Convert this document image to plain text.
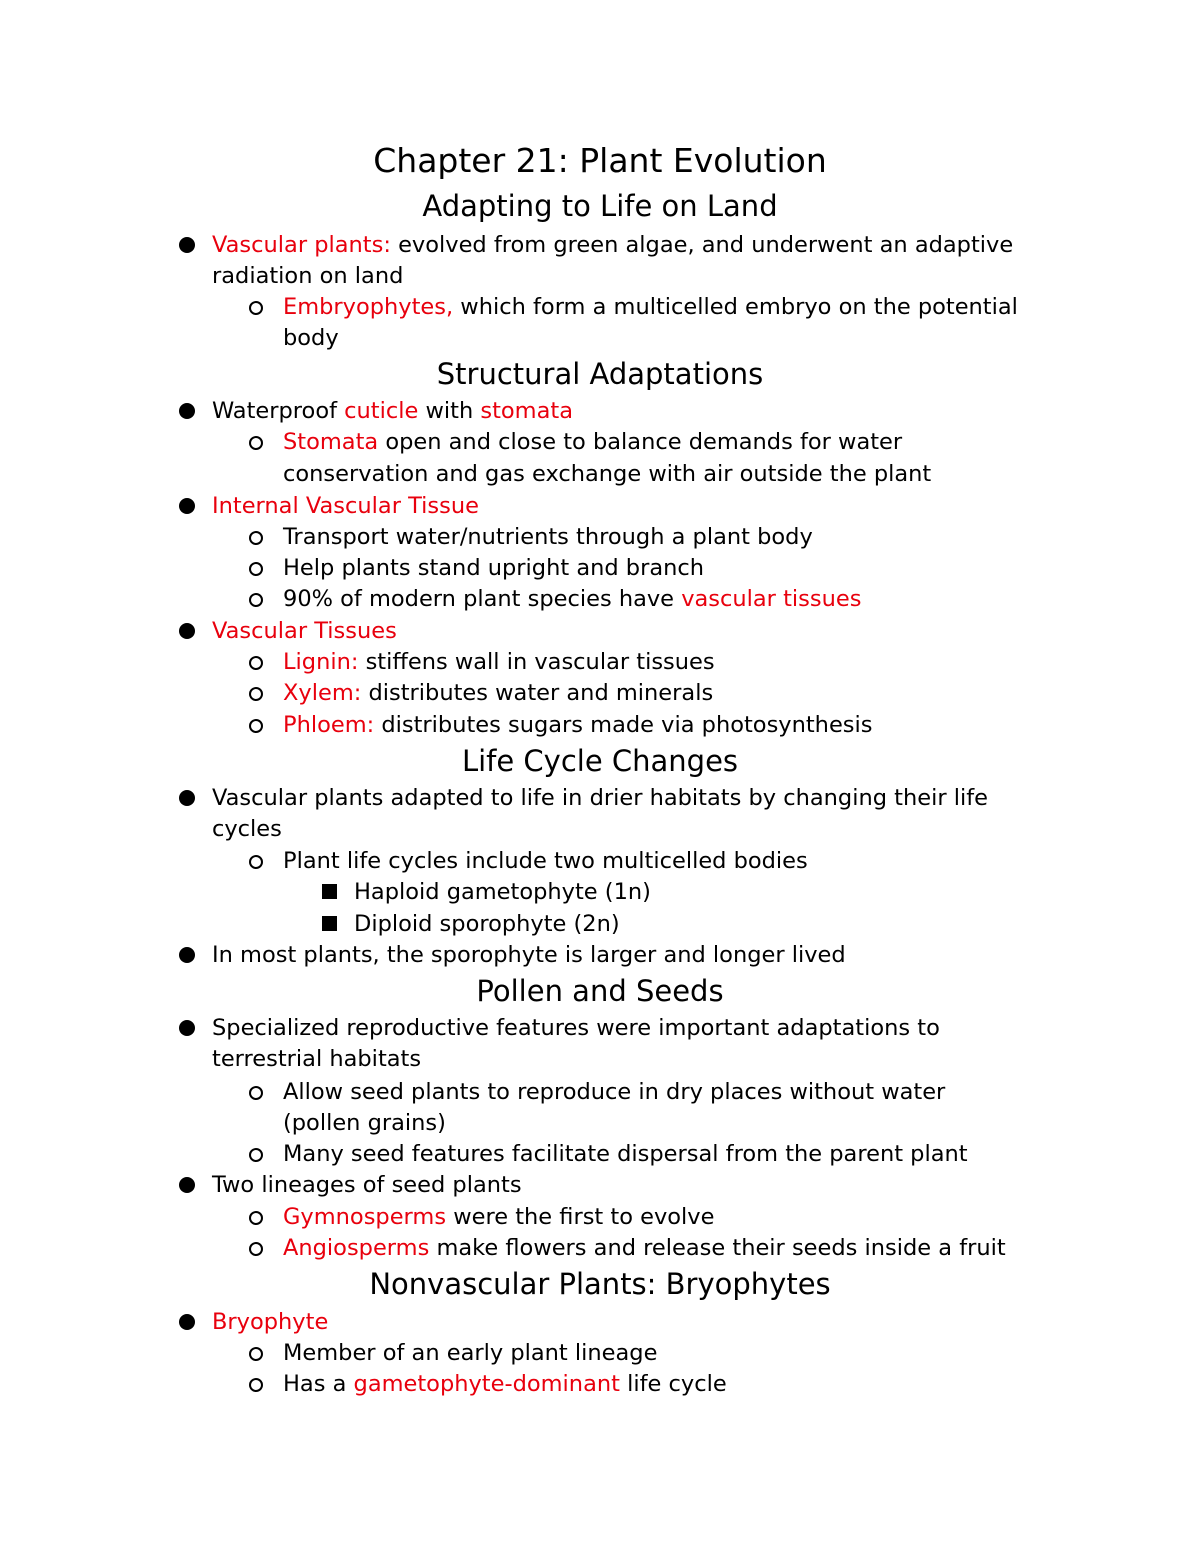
Chapter 21: Plant Evolution
Adapting to Life on Land
Structural Adaptations
Life Cycle Changes
Pollen and Seeds
Nonvascular Plants: Bryophytes
Vascular plants: evolved from green algae, and underwent an adaptive
radiation on land
Embryophytes, which form a multicelled embryo on the potential
body
Waterproof cuticle with stomata
Stomata open and close to balance demands for water
conservation and gas exchange with air outside the plant
Internal Vascular Tissue
Transport water/nutrients through a plant body
Help plants stand upright and branch
90% of modern plant species have vascular tissues
Vascular Tissues
Lignin: stiffens wall in vascular tissues
Xylem: distributes water and minerals
Phloem: distributes sugars made via photosynthesis
Vascular plants adapted to life in drier habitats by changing their life
cycles
Plant life cycles include two multicelled bodies
Haploid gametophyte (1n)
Diploid sporophyte (2n)
In most plants, the sporophyte is larger and longer lived
Specialized reproductive features were important adaptations to
terrestrial habitats
Allow seed plants to reproduce in dry places without water
(pollen grains)
Many seed features facilitate dispersal from the parent plant
Two lineages of seed plants
Gymnosperms were the first to evolve
Angiosperms make flowers and release their seeds inside a fruit
Bryophyte
Member of an early plant lineage
Has a gametophyte-dominant life cycle
